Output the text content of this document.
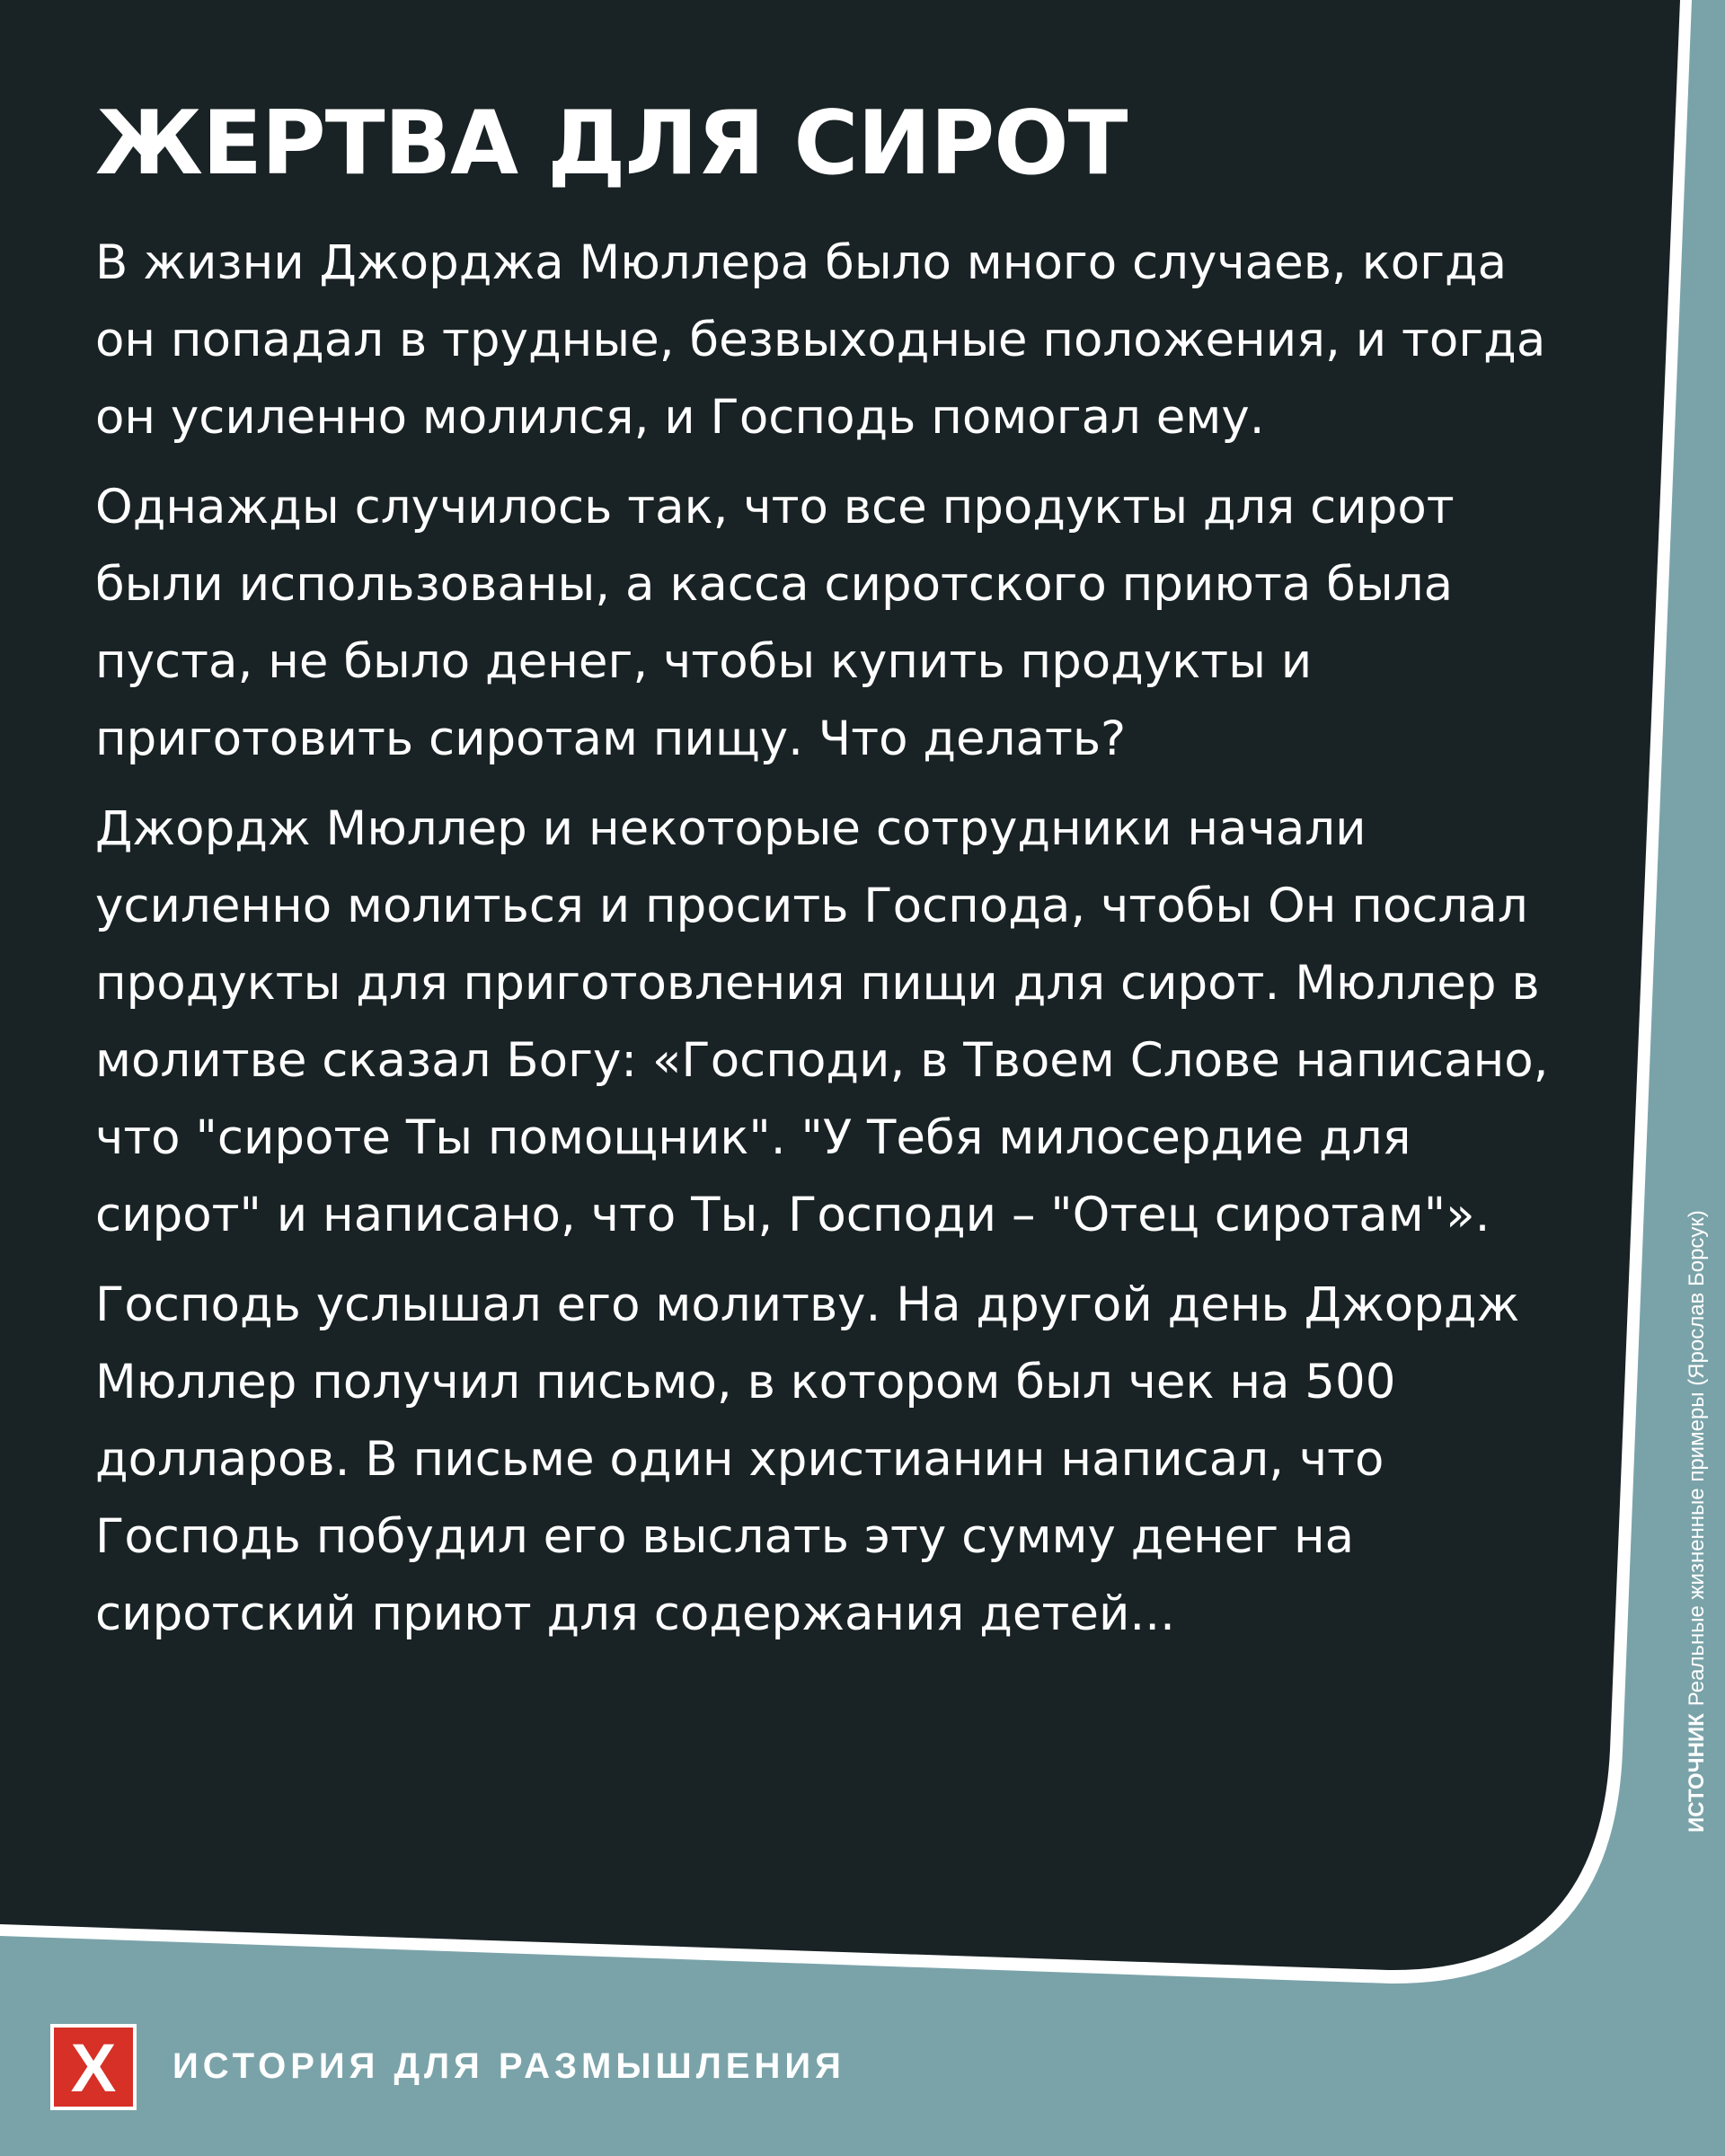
ЖЕРТВА ДЛЯ СИРОТ

В жизни Джорджа Мюллера было много случаев, когда он попадал в трудные, безвыходные положения, и тогда он усиленно молился, и Господь помогал ему.

Однажды случилось так, что все продукты для сирот были использованы, а касса сиротского приюта была пуста, не было денег, чтобы купить продукты и приготовить сиротам пищу. Что делать?

Джордж Мюллер и некоторые сотрудники начали усиленно молиться и просить Господа, чтобы Он послал продукты для приготовления пищи для сирот. Мюллер в молитве сказал Богу: «Господи, в Твоем Слове написано, что "сироте Ты помощник". "У Тебя милосердие для сирот" и написано, что Ты, Господи – "Отец сиротам"».

Господь услышал его молитву. На другой день Джордж Мюллер получил письмо, в котором был чек на 500 долларов. В письме один христианин написал, что Господь побудил его выслать эту сумму денег на сиротский приют для содержания детей...

ИСТОЧНИКРеальные жизненные примеры (Ярослав Борсук)
X	ИСТОРИЯ ДЛЯ РАЗМЫШЛЕНИЯ
